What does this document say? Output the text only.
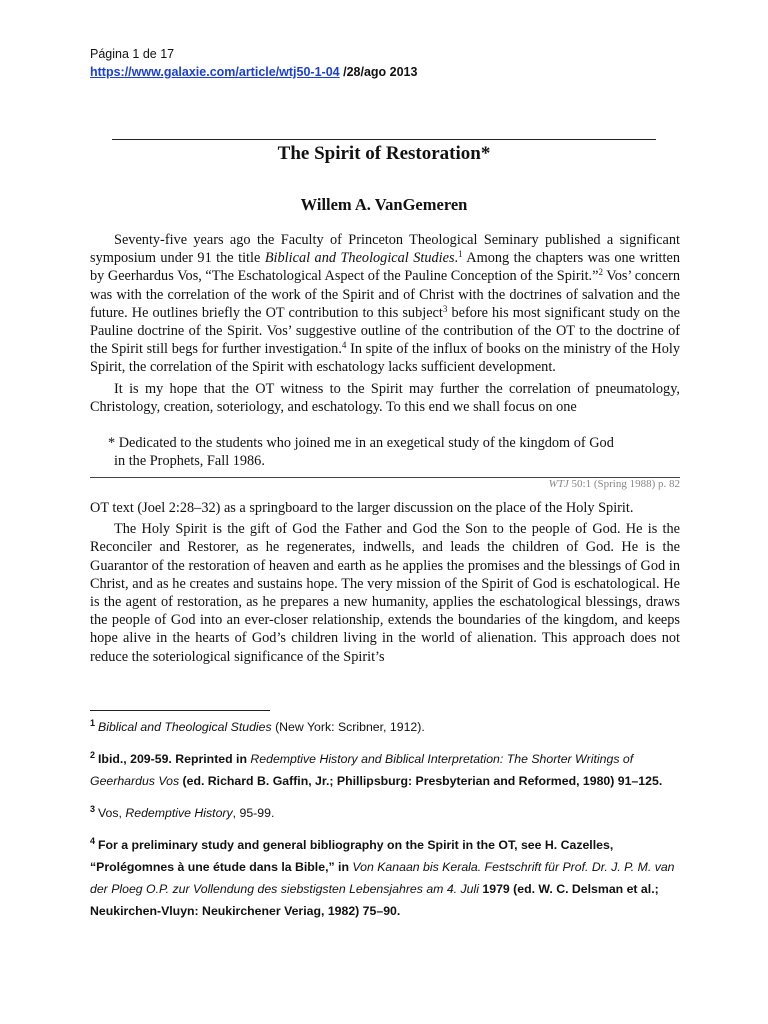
Página 1 de 17
https://www.galaxie.com/article/wtj50-1-04 /28/ago 2013
The Spirit of Restoration*
Willem A. VanGemeren

Seventy-five years ago the Faculty of Princeton Theological Seminary published a significant symposium under 91 the title Biblical and Theological Studies.$^1$ Among the chapters was one written by Geerhardus Vos, “The Eschatological Aspect of the Pauline Conception of the Spirit.”$^2$ Vos’ concern was with the correlation of the work of the Spirit and of Christ with the doctrines of salvation and the future. He outlines briefly the OT contribution to this subject$^3$ before his most significant study on the Pauline doctrine of the Spirit. Vos’ suggestive outline of the contribution of the OT to the doctrine of the Spirit still begs for further investigation.$^4$ In spite of the influx of books on the ministry of the Holy Spirit, the correlation of the Spirit with eschatology lacks sufficient development.

It is my hope that the OT witness to the Spirit may further the correlation of pneumatology, Christology, creation, soteriology, and eschatology. To this end we shall focus on one

* Dedicated to the students who joined me in an exegetical study of the kingdom of God
in the Prophets, Fall 1986.
WTJ 50:1 (Spring 1988) p. 82

OT text (Joel 2:28–32) as a springboard to the larger discussion on the place of the Holy Spirit.

The Holy Spirit is the gift of God the Father and God the Son to the people of God. He is the Reconciler and Restorer, as he regenerates, indwells, and leads the children of God. He is the Guarantor of the restoration of heaven and earth as he applies the promises and the blessings of God in Christ, and as he creates and sustains hope. The very mission of the Spirit of God is eschatological. He is the agent of restoration, as he prepares a new humanity, applies the eschatological blessings, draws the people of God into an ever-closer relationship, extends the boundaries of the kingdom, and keeps hope alive in the hearts of God’s children living in the world of alienation. This approach does not reduce the soteriological significance of the Spirit’s

$^1$ Biblical and Theological Studies (New York: Scribner, 1912).
$^2$ Ibid., 209-59. Reprinted in Redemptive History and Biblical Interpretation: The Shorter Writings of Geerhardus Vos (ed. Richard B. Gaffin, Jr.; Phillipsburg: Presbyterian and Reformed, 1980) 91–125.
$^3$ Vos, Redemptive History, 95-99.
$^4$ For a preliminary study and general bibliography on the Spirit in the OT, see H. Cazelles, “Prolégomnes à une étude dans la Bible,” in Von Kanaan bis Kerala. Festschrift für Prof. Dr. J. P. M. van der Ploeg O.P. zur Vollendung des siebstigsten Lebensjahres am 4. Juli 1979 (ed. W. C. Delsman et al.; Neukirchen-Vluyn: Neukirchener Veriag, 1982) 75–90.
